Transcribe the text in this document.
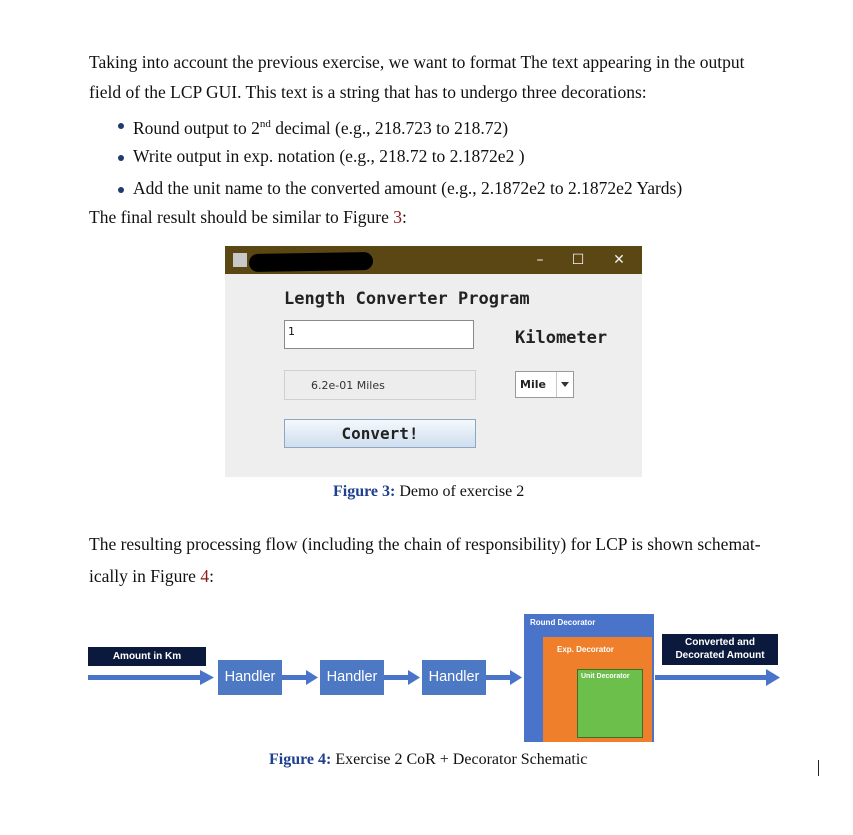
Taking into account the previous exercise, we want to format The text appearing in the output
field of the LCP GUI. This text is a string that has to undergo three decorations:
Round output to 2nd decimal (e.g., 218.723 to 218.72)
Write output in exp. notation (e.g., 218.72 to 2.1872e2 )
Add the unit name to the converted amount (e.g., 2.1872e2 to 2.1872e2 Yards)
The final result should be similar to Figure 3:
–	☐ ✕
Length Converter Program
1	Kilometer
6.2e-01 Miles	Mile
Convert!
Figure 3: Demo of exercise 2
The resulting processing flow (including the chain of responsibility) for LCP is shown schemat-
ically in Figure 4:
Amount in Km
Handler	Handler	Handler
Round Decorator
Exp. Decorator
Unit Decorator
Converted and
Decorated Amount
Figure 4: Exercise 2 CoR + Decorator Schematic
